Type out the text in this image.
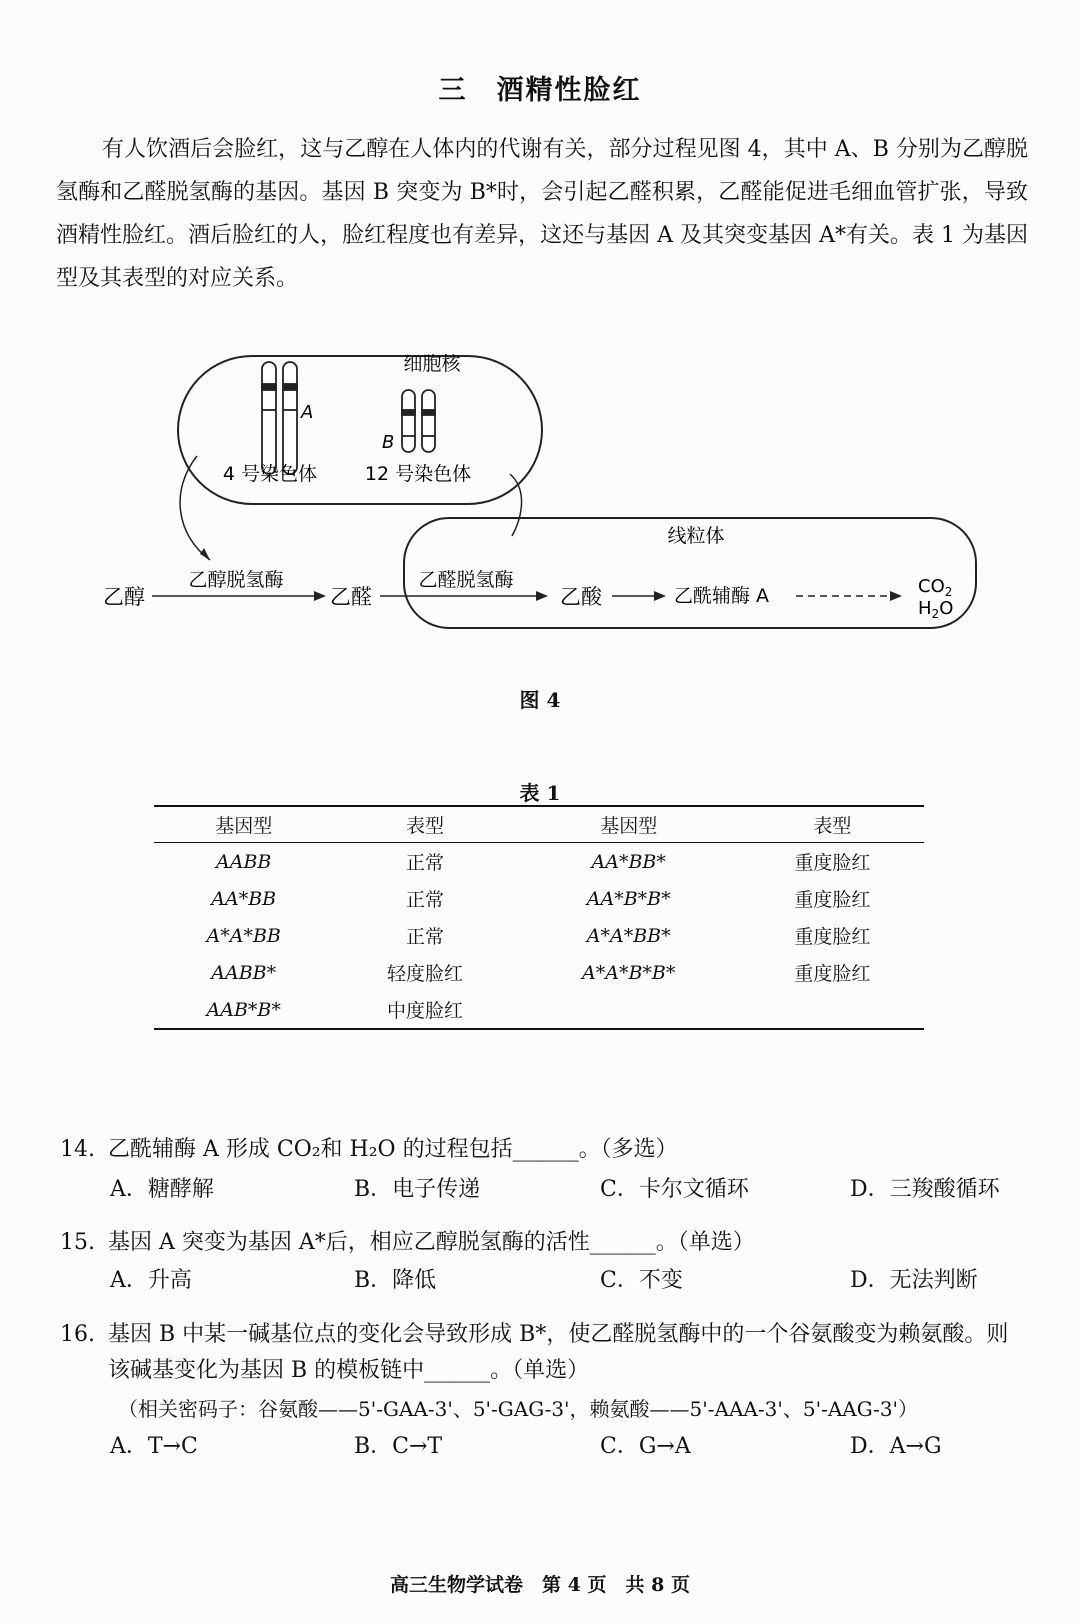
三　酒精性脸红
有人饮酒后会脸红，这与乙醇在人体内的代谢有关，部分过程见图 4，其中 A、B 分别为乙醇脱氢酶和乙醛脱氢酶的基因。基因 B 突变为 B*时，会引起乙醛积累，乙醛能促进毛细血管扩张，导致酒精性脸红。酒后脸红的人，脸红程度也有差异，这还与基因 A 及其突变基因 A*有关。表 1 为基因型及其表型的对应关系。
细胞核
A
B
4 号染色体	12 号染色体
线粒体
乙醇
乙醇脱氢酶
乙醛
乙醛脱氢酶
乙酸	乙酰辅酶 A	$CO_2$
$H_2O$
图 4
表 1
基因型	表型	基因型	表型
AABB	正常	AA*BB*	重度脸红
AA*BB	正常	AA*B*B*	重度脸红
A*A*BB	正常	A*A*BB*	重度脸红
AABB*	轻度脸红	A*A*B*B*	重度脸红
AAB*B*	中度脸红		
14. 乙酰辅酶 A 形成 CO₂和 H₂O 的过程包括______。（多选）
A．糖酵解	B．电子传递	C．卡尔文循环	D．三羧酸循环
15. 基因 A 突变为基因 A*后，相应乙醇脱氢酶的活性______。（单选）
A．升高	B．降低	C．不变	D．无法判断
16. 基因 B 中某一碱基位点的变化会导致形成 B*，使乙醛脱氢酶中的一个谷氨酸变为赖氨酸。则该碱基变化为基因 B 的模板链中______。（单选）
（相关密码子：谷氨酸——5'-GAA-3'、5'-GAG-3'，赖氨酸——5'-AAA-3'、5'-AAG-3'）
A．T→C	B．C→T	C．G→A	D．A→G
高三生物学试卷　第 4 页　共 8 页
